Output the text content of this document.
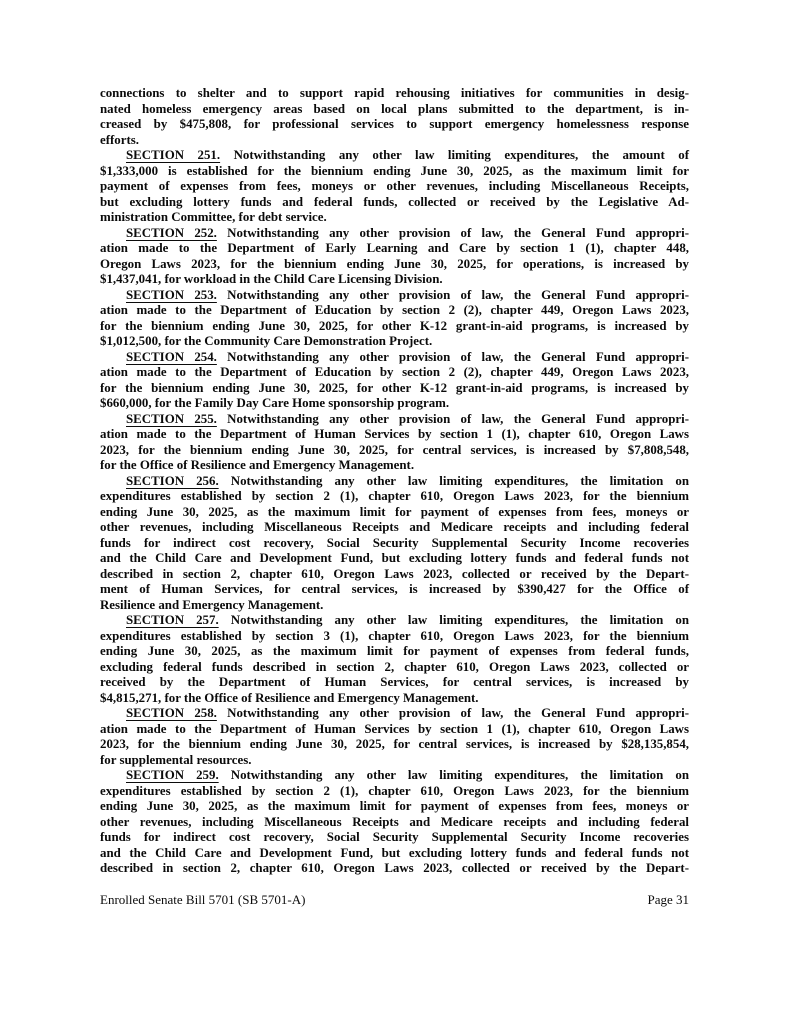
connections to shelter and to support rapid rehousing initiatives for communities in desig-
nated homeless emergency areas based on local plans submitted to the department, is in-
creased by $475,808, for professional services to support emergency homelessness response
efforts.
SECTION 251. Notwithstanding any other law limiting expenditures, the amount of
$1,333,000 is established for the biennium ending June 30, 2025, as the maximum limit for
payment of expenses from fees, moneys or other revenues, including Miscellaneous Receipts,
but excluding lottery funds and federal funds, collected or received by the Legislative Ad-
ministration Committee, for debt service.
SECTION 252. Notwithstanding any other provision of law, the General Fund appropri-
ation made to the Department of Early Learning and Care by section 1 (1), chapter 448,
Oregon Laws 2023, for the biennium ending June 30, 2025, for operations, is increased by
$1,437,041, for workload in the Child Care Licensing Division.
SECTION 253. Notwithstanding any other provision of law, the General Fund appropri-
ation made to the Department of Education by section 2 (2), chapter 449, Oregon Laws 2023,
for the biennium ending June 30, 2025, for other K-12 grant-in-aid programs, is increased by
$1,012,500, for the Community Care Demonstration Project.
SECTION 254. Notwithstanding any other provision of law, the General Fund appropri-
ation made to the Department of Education by section 2 (2), chapter 449, Oregon Laws 2023,
for the biennium ending June 30, 2025, for other K-12 grant-in-aid programs, is increased by
$660,000, for the Family Day Care Home sponsorship program.
SECTION 255. Notwithstanding any other provision of law, the General Fund appropri-
ation made to the Department of Human Services by section 1 (1), chapter 610, Oregon Laws
2023, for the biennium ending June 30, 2025, for central services, is increased by $7,808,548,
for the Office of Resilience and Emergency Management.
SECTION 256. Notwithstanding any other law limiting expenditures, the limitation on
expenditures established by section 2 (1), chapter 610, Oregon Laws 2023, for the biennium
ending June 30, 2025, as the maximum limit for payment of expenses from fees, moneys or
other revenues, including Miscellaneous Receipts and Medicare receipts and including federal
funds for indirect cost recovery, Social Security Supplemental Security Income recoveries
and the Child Care and Development Fund, but excluding lottery funds and federal funds not
described in section 2, chapter 610, Oregon Laws 2023, collected or received by the Depart-
ment of Human Services, for central services, is increased by $390,427 for the Office of
Resilience and Emergency Management.
SECTION 257. Notwithstanding any other law limiting expenditures, the limitation on
expenditures established by section 3 (1), chapter 610, Oregon Laws 2023, for the biennium
ending June 30, 2025, as the maximum limit for payment of expenses from federal funds,
excluding federal funds described in section 2, chapter 610, Oregon Laws 2023, collected or
received by the Department of Human Services, for central services, is increased by
$4,815,271, for the Office of Resilience and Emergency Management.
SECTION 258. Notwithstanding any other provision of law, the General Fund appropri-
ation made to the Department of Human Services by section 1 (1), chapter 610, Oregon Laws
2023, for the biennium ending June 30, 2025, for central services, is increased by $28,135,854,
for supplemental resources.
SECTION 259. Notwithstanding any other law limiting expenditures, the limitation on
expenditures established by section 2 (1), chapter 610, Oregon Laws 2023, for the biennium
ending June 30, 2025, as the maximum limit for payment of expenses from fees, moneys or
other revenues, including Miscellaneous Receipts and Medicare receipts and including federal
funds for indirect cost recovery, Social Security Supplemental Security Income recoveries
and the Child Care and Development Fund, but excluding lottery funds and federal funds not
described in section 2, chapter 610, Oregon Laws 2023, collected or received by the Depart-
Enrolled Senate Bill 5701 (SB 5701-A)	Page 31
